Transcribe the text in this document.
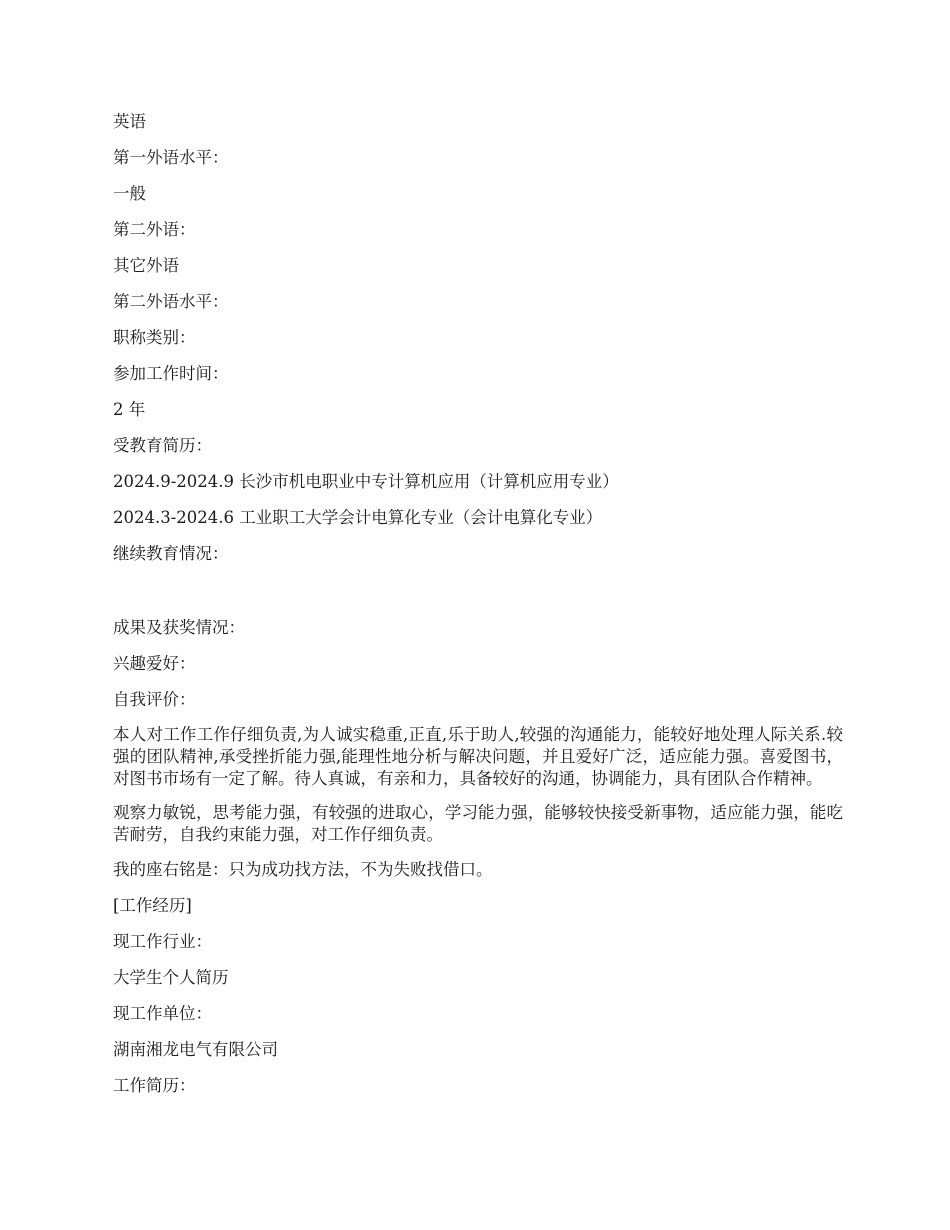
英语
第一外语水平：
一般
第二外语：
其它外语
第二外语水平：
职称类别：
参加工作时间：
2 年
受教育简历：
2024.9-2024.9 长沙市机电职业中专计算机应用（计算机应用专业）
2024.3-2024.6 工业职工大学会计电算化专业（会计电算化专业）
继续教育情况：
成果及获奖情况：
兴趣爱好：
自我评价：

本人对工作工作仔细负责,为人诚实稳重,正直,乐于助人,较强的沟通能力，能较好地处理人际关系.较强的团队精神,承受挫折能力强,能理性地分析与解决问题，并且爱好广泛，适应能力强。喜爱图书，对图书市场有一定了解。待人真诚，有亲和力，具备较好的沟通，协调能力，具有团队合作精神。

观察力敏锐，思考能力强，有较强的进取心，学习能力强，能够较快接受新事物，适应能力强，能吃苦耐劳，自我约束能力强，对工作仔细负责。

我的座右铭是：只为成功找方法，不为失败找借口。
[工作经历]
现工作行业：
大学生个人简历
现工作单位：
湖南湘龙电气有限公司
工作简历：
